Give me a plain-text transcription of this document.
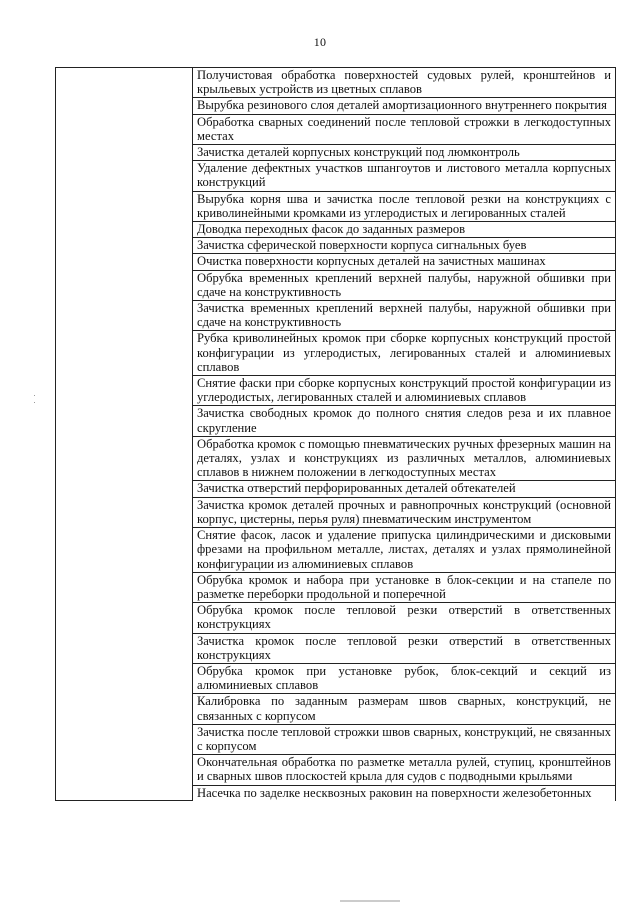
10
	Получистовая обработка поверхностей судовых рулей, кронштейнов и крыльевых устройств из цветных сплавов
Вырубка резинового слоя деталей амортизационного внутреннего покрытия
Обработка сварных соединений после тепловой строжки в легкодоступных местах
Зачистка деталей корпусных конструкций под люмконтроль
Удаление дефектных участков шпангоутов и листового металла корпусных конструкций
Вырубка корня шва и зачистка после тепловой резки на конструкциях с криволинейными кромками из углеродистых и легированных сталей
Доводка переходных фасок до заданных размеров
Зачистка сферической поверхности корпуса сигнальных буев
Очистка поверхности корпусных деталей на зачистных машинах
Обрубка временных креплений верхней палубы, наружной обшивки при сдаче на конструктивность
Зачистка временных креплений верхней палубы, наружной обшивки при сдаче на конструктивность
Рубка криволинейных кромок при сборке корпусных конструкций простой конфигурации из углеродистых, легированных сталей и алюминиевых сплавов
Снятие фаски при сборке корпусных конструкций простой конфигурации из углеродистых, легированных сталей и алюминиевых сплавов
Зачистка свободных кромок до полного снятия следов реза и их плавное скругление
Обработка кромок с помощью пневматических ручных фрезерных машин на деталях, узлах и конструкциях из различных металлов, алюминиевых сплавов в нижнем положении в легкодоступных местах
Зачистка отверстий перфорированных деталей обтекателей
Зачистка кромок деталей прочных и равнопрочных конструкций (основной корпус, цистерны, перья руля) пневматическим инструментом
Снятие фасок, ласок и удаление припуска цилиндрическими и дисковыми фрезами на профильном металле, листах, деталях и узлах прямолинейной конфигурации из алюминиевых сплавов
Обрубка кромок и набора при установке в блок-секции и на стапеле по разметке переборки продольной и поперечной
Обрубка кромок после тепловой резки отверстий в ответственных конструкциях
Зачистка кромок после тепловой резки отверстий в ответственных конструкциях
Обрубка кромок при установке рубок, блок-секций и секций из алюминиевых сплавов
Калибровка по заданным размерам швов сварных, конструкций, не связанных с корпусом
Зачистка после тепловой строжки швов сварных, конструкций, не связанных с корпусом
Окончательная обработка по разметке металла рулей, ступиц, кронштейнов и сварных швов плоскостей крыла для судов с подводными крыльями
Насечка по заделке несквозных раковин на поверхности железобетонных
